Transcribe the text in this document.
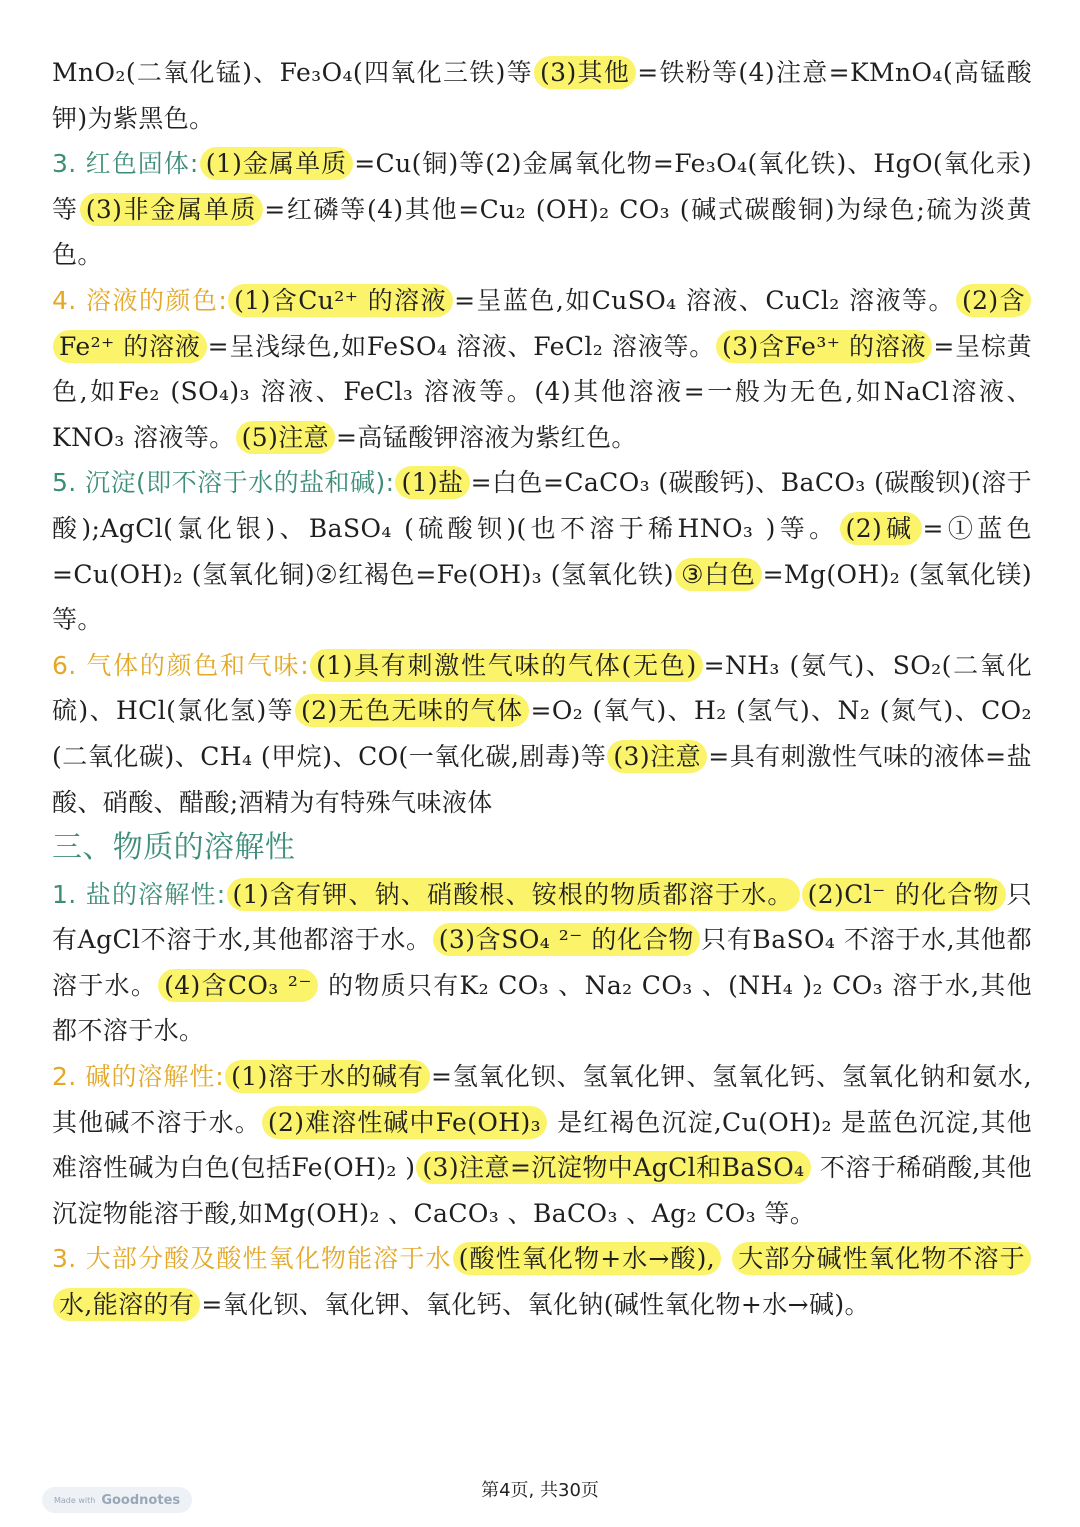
MnO₂(二氧化锰)、Fe₃O₄(四氧化三铁)等 (3)其他 =铁粉等(4)注意=KMnO₄(高锰酸钾)为紫黑色。

3. 红色固体: (1)金属单质 =Cu(铜)等(2)金属氧化物=Fe₃O₄(氧化铁)、HgO(氧化汞)等 (3)非金属单质 =红磷等(4)其他=Cu₂ (OH)₂ CO₃ (碱式碳酸铜)为绿色;硫为淡黄色。

4. 溶液的颜色: (1)含Cu²⁺ 的溶液 =呈蓝色,如CuSO₄ 溶液、CuCl₂ 溶液等。 (2)含Fe²⁺ 的溶液 =呈浅绿色,如FeSO₄ 溶液、FeCl₂ 溶液等。 (3)含Fe³⁺ 的溶液 =呈棕黄色,如Fe₂ (SO₄)₃ 溶液、FeCl₃ 溶液等。(4)其他溶液=一般为无色,如NaCl溶液、KNO₃ 溶液等。 (5)注意 =高锰酸钾溶液为紫红色。

5. 沉淀(即不溶于水的盐和碱): (1)盐 =白色=CaCO₃ (碳酸钙)、BaCO₃ (碳酸钡)(溶于酸);AgCl(氯化银)、BaSO₄ (硫酸钡)(也不溶于稀HNO₃ )等。 (2)碱 =①蓝色=Cu(OH)₂ (氢氧化铜)②红褐色=Fe(OH)₃ (氢氧化铁) ③白色 =Mg(OH)₂ (氢氧化镁)等。

6. 气体的颜色和气味: (1)具有刺激性气味的气体(无色) =NH₃ (氨气)、SO₂(二氧化硫)、HCl(氯化氢)等 (2)无色无味的气体 =O₂ (氧气)、H₂ (氢气)、N₂ (氮气)、CO₂ (二氧化碳)、CH₄ (甲烷)、CO(一氧化碳,剧毒)等 (3)注意 =具有刺激性气味的液体=盐酸、硝酸、醋酸;酒精为有特殊气味液体

三、物质的溶解性

1. 盐的溶解性: (1)含有钾、钠、硝酸根、铵根的物质都溶于水。 (2)Cl⁻ 的化合物 只有AgCl不溶于水,其他都溶于水。 (3)含SO₄ ²⁻ 的化合物 只有BaSO₄ 不溶于水,其他都溶于水。 (4)含CO₃ ²⁻ 的物质只有K₂ CO₃ 、Na₂ CO₃ 、(NH₄ )₂ CO₃ 溶于水,其他都不溶于水。

2. 碱的溶解性: (1)溶于水的碱有 =氢氧化钡、氢氧化钾、氢氧化钙、氢氧化钠和氨水,其他碱不溶于水。 (2)难溶性碱中Fe(OH)₃ 是红褐色沉淀,Cu(OH)₂ 是蓝色沉淀,其他难溶性碱为白色(包括Fe(OH)₂ ) (3)注意=沉淀物中AgCl和BaSO₄ 不溶于稀硝酸,其他沉淀物能溶于酸,如Mg(OH)₂ 、CaCO₃ 、BaCO₃ 、Ag₂ CO₃ 等。

3. 大部分酸及酸性氧化物能溶于水 (酸性氧化物+水→酸), 大部分碱性氧化物不溶于水,能溶的有 =氧化钡、氧化钾、氧化钙、氧化钠(碱性氧化物+水→碱)。

第4页, 共30页
Made with Goodnotes
